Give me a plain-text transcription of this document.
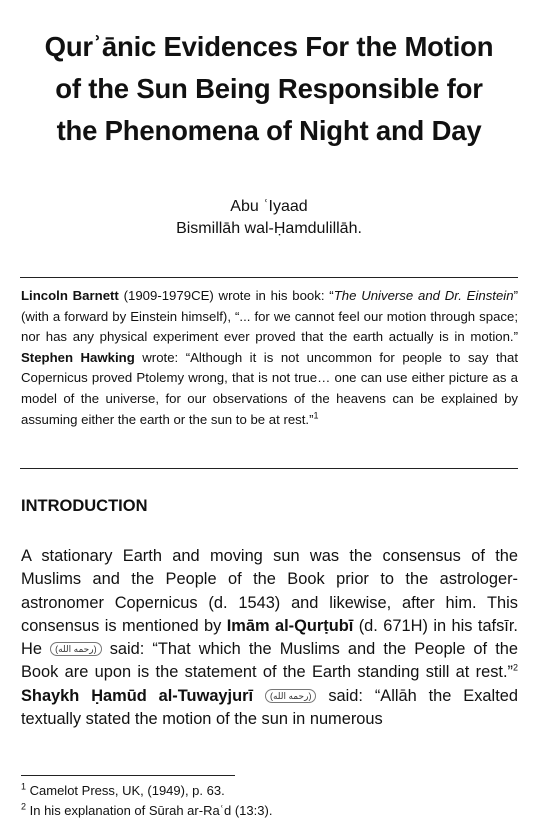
Qurʾānic Evidences For the Motion
of the Sun Being Responsible for
the Phenomena of Night and Day
Abu ʿIyaad
Bismillāh wal-Ḥamdulillāh.
Lincoln Barnett (1909-1979CE) wrote in his book: “The Universe and Dr. Einstein” (with a forward by Einstein himself), “... for we cannot feel our motion through space; nor has any physical experiment ever proved that the earth actually is in motion.” Stephen Hawking wrote: “Although it is not uncommon for people to say that Copernicus proved Ptolemy wrong, that is not true… one can use either picture as a model of the universe, for our observations of the heavens can be explained by assuming either the earth or the sun to be at rest.”$^1$
INTRODUCTION
A stationary Earth and moving sun was the consensus of the Muslims and the People of the Book prior to the astrologer-astronomer Copernicus (d. 1543) and likewise, after him. This consensus is mentioned by Imām al-Qurṭubī (d. 671H) in his tafsīr. He (رحمه الله) said: “That which the Muslims and the People of the Book are upon is the statement of the Earth standing still at rest.”$^2$ Shaykh Ḥamūd al-Tuwayjurī (رحمه الله) said: “Allāh the Exalted textually stated the motion of the sun in numerous
$^1$ Camelot Press, UK, (1949), p. 63.
$^2$ In his explanation of Sūrah ar-Raʿd (13:3).
